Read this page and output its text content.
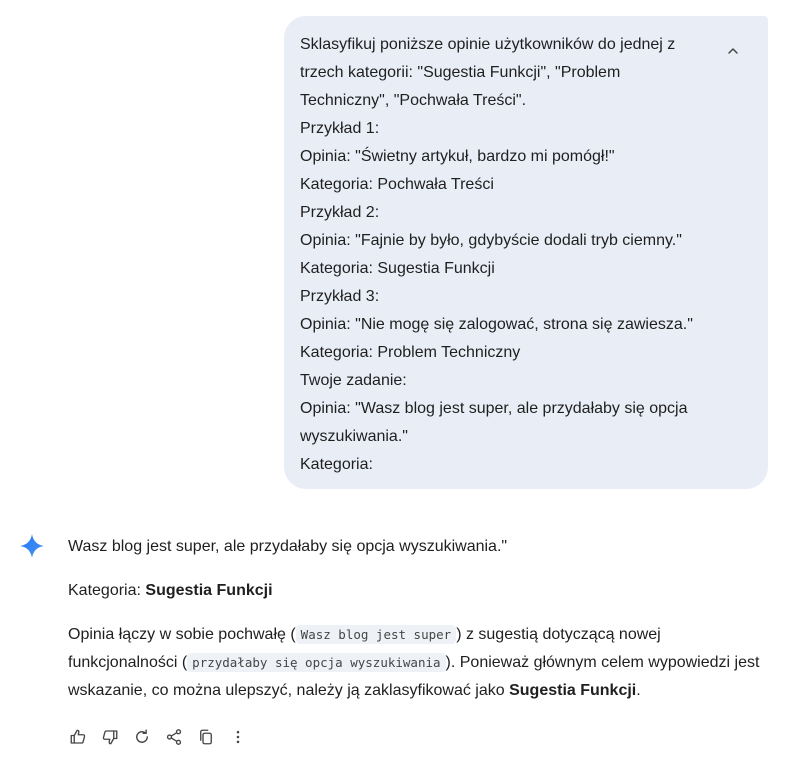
Sklasyfikuj poniższe opinie użytkowników do jednej z
trzech kategorii: "Sugestia Funkcji", "Problem
Techniczny", "Pochwała Treści".
Przykład 1:
Opinia: "Świetny artykuł, bardzo mi pomógł!"
Kategoria: Pochwała Treści
Przykład 2:
Opinia: "Fajnie by było, gdybyście dodali tryb ciemny."
Kategoria: Sugestia Funkcji
Przykład 3:
Opinia: "Nie mogę się zalogować, strona się zawiesza."
Kategoria: Problem Techniczny
Twoje zadanie:
Opinia: "Wasz blog jest super, ale przydałaby się opcja
wyszukiwania."
Kategoria:

Wasz blog jest super, ale przydałaby się opcja wyszukiwania."

Kategoria: Sugestia Funkcji

Opinia łączy w sobie pochwałę ( Wasz blog jest super ) z sugestią dotyczącą nowej funkcjonalności ( przydałaby się opcja wyszukiwania ). Ponieważ głównym celem wypowiedzi jest wskazanie, co można ulepszyć, należy ją zaklasyfikować jako Sugestia Funkcji.
